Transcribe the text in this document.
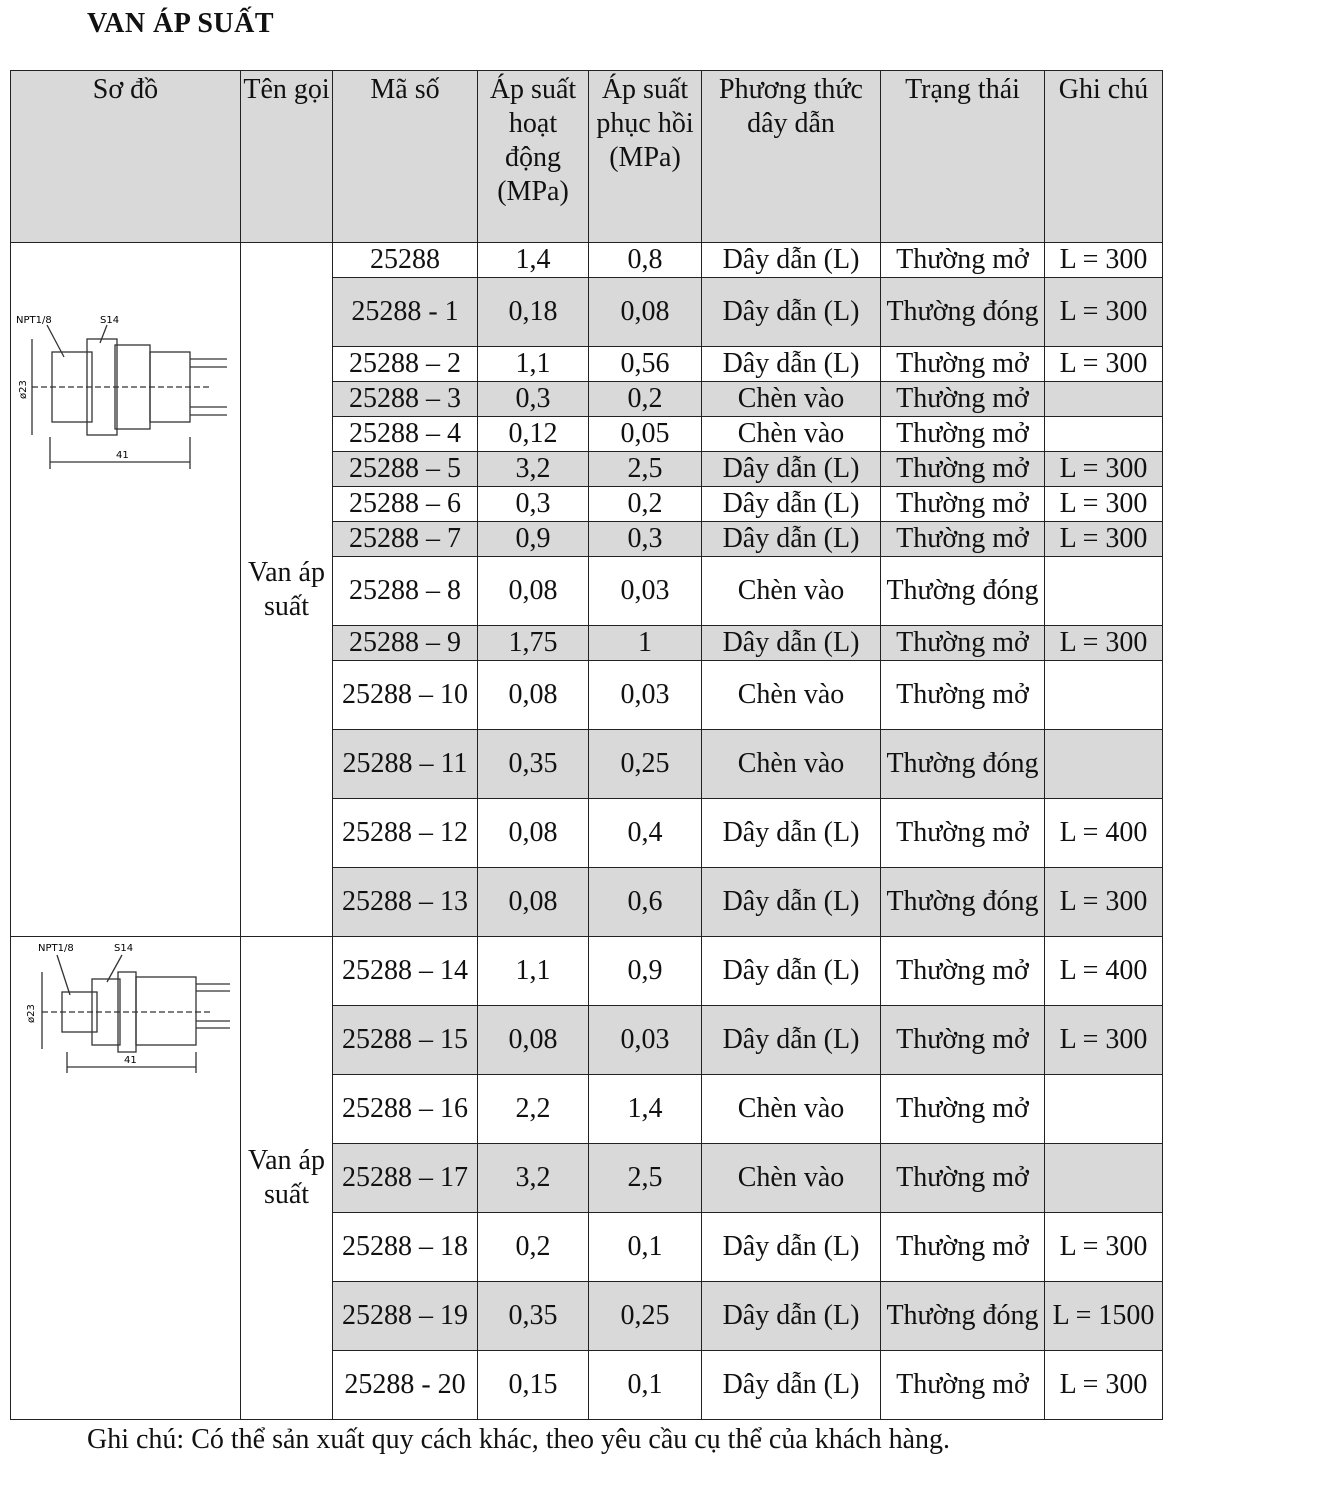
VAN ÁP SUẤT
Sơ đồ	Tên gọi	Mã số	Áp suất hoạt động (MPa)	Áp suất phục hồi (MPa)	Phương thức dây dẫn	Trạng thái	Ghi chú

NPT1/8 S14
ø23
41	Van áp suất	25288	1,4	0,8	Dây dẫn (L)	Thường mở	L = 300
		25288 - 1	0,18	0,08	Dây dẫn (L)	Thường đóng	L = 300
		25288 – 2	1,1	0,56	Dây dẫn (L)	Thường mở	L = 300
		25288 – 3	0,3	0,2	Chèn vào	Thường mở	
		25288 – 4	0,12	0,05	Chèn vào	Thường mở	
		25288 – 5	3,2	2,5	Dây dẫn (L)	Thường mở	L = 300
		25288 – 6	0,3	0,2	Dây dẫn (L)	Thường mở	L = 300
		25288 – 7	0,9	0,3	Dây dẫn (L)	Thường mở	L = 300
		25288 – 8	0,08	0,03	Chèn vào	Thường đóng	
		25288 – 9	1,75	1	Dây dẫn (L)	Thường mở	L = 300
		25288 – 10	0,08	0,03	Chèn vào	Thường mở	
		25288 – 11	0,35	0,25	Chèn vào	Thường đóng	
		25288 – 12	0,08	0,4	Dây dẫn (L)	Thường mở	L = 400
		25288 – 13	0,08	0,6	Dây dẫn (L)	Thường đóng	L = 300

NPT1/8 S14
ø23
41	Van áp suất	25288 – 14	1,1	0,9	Dây dẫn (L)	Thường mở	L = 400
		25288 – 15	0,08	0,03	Dây dẫn (L)	Thường mở	L = 300
		25288 – 16	2,2	1,4	Chèn vào	Thường mở	
		25288 – 17	3,2	2,5	Chèn vào	Thường mở	
		25288 – 18	0,2	0,1	Dây dẫn (L)	Thường mở	L = 300
		25288 – 19	0,35	0,25	Dây dẫn (L)	Thường đóng	L = 1500
		25288 - 20	0,15	0,1	Dây dẫn (L)	Thường mở	L = 300
Ghi chú: Có thể sản xuất quy cách khác, theo yêu cầu cụ thể của khách hàng.
